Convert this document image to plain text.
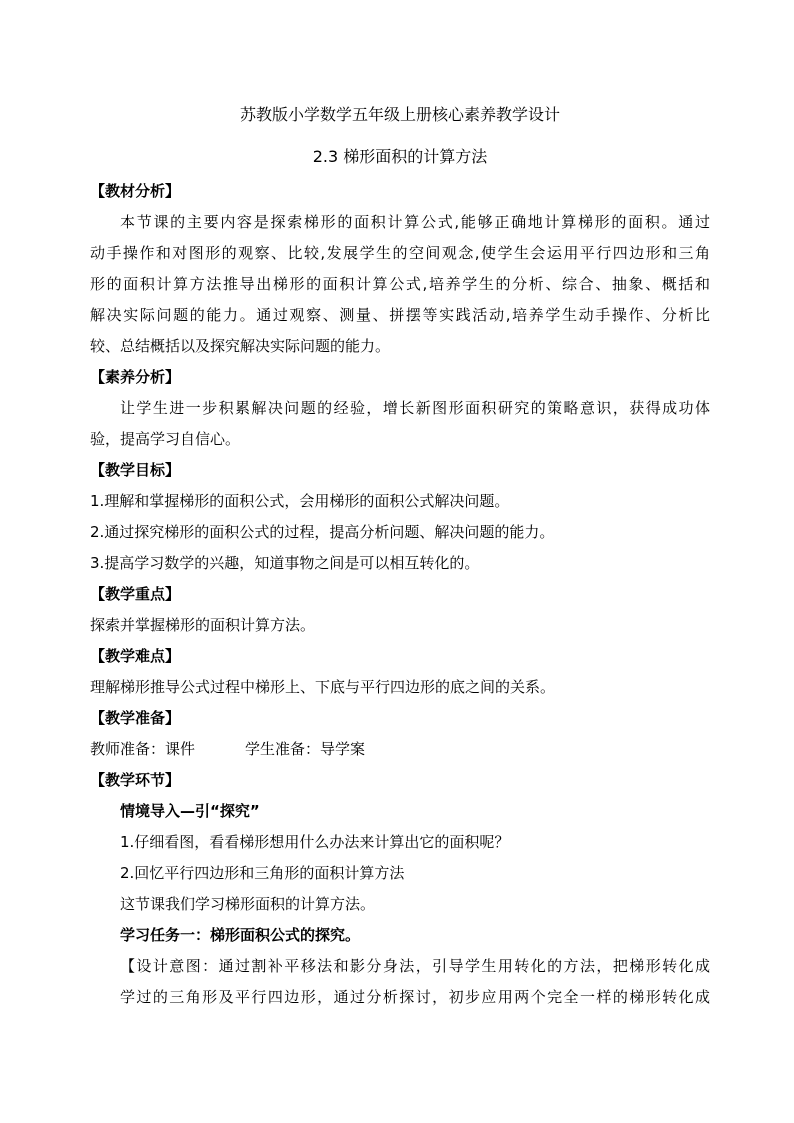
苏教版小学数学五年级上册核心素养教学设计

2.3 梯形面积的计算方法

【教材分析】

本节课的主要内容是探索梯形的面积计算公式,能够正确地计算梯形的面积。通过

动手操作和对图形的观察、比较,发展学生的空间观念,使学生会运用平行四边形和三角

形的面积计算方法推导出梯形的面积计算公式,培养学生的分析、综合、抽象、概括和

解决实际问题的能力。通过观察、测量、拼摆等实践活动,培养学生动手操作、分析比

较、总结概括以及探究解决实际问题的能力。

【素养分析】

让学生进一步积累解决问题的经验，增长新图形面积研究的策略意识，获得成功体

验，提高学习自信心。

【教学目标】

1.理解和掌握梯形的面积公式，会用梯形的面积公式解决问题。

2.通过探究梯形的面积公式的过程，提高分析问题、解决问题的能力。

3.提高学习数学的兴趣，知道事物之间是可以相互转化的。

【教学重点】

探索并掌握梯形的面积计算方法。

【教学难点】

理解梯形推导公式过程中梯形上、下底与平行四边形的底之间的关系。

【教学准备】

教师准备：课件	学生准备：导学案

【教学环节】

情境导入—引“探究”

1.仔细看图，看看梯形想用什么办法来计算出它的面积呢？

2.回忆平行四边形和三角形的面积计算方法

这节课我们学习梯形面积的计算方法。

学习任务一：梯形面积公式的探究。

【设计意图：通过割补平移法和影分身法，引导学生用转化的方法，把梯形转化成

学过的三角形及平行四边形，通过分析探讨，初步应用两个完全一样的梯形转化成
